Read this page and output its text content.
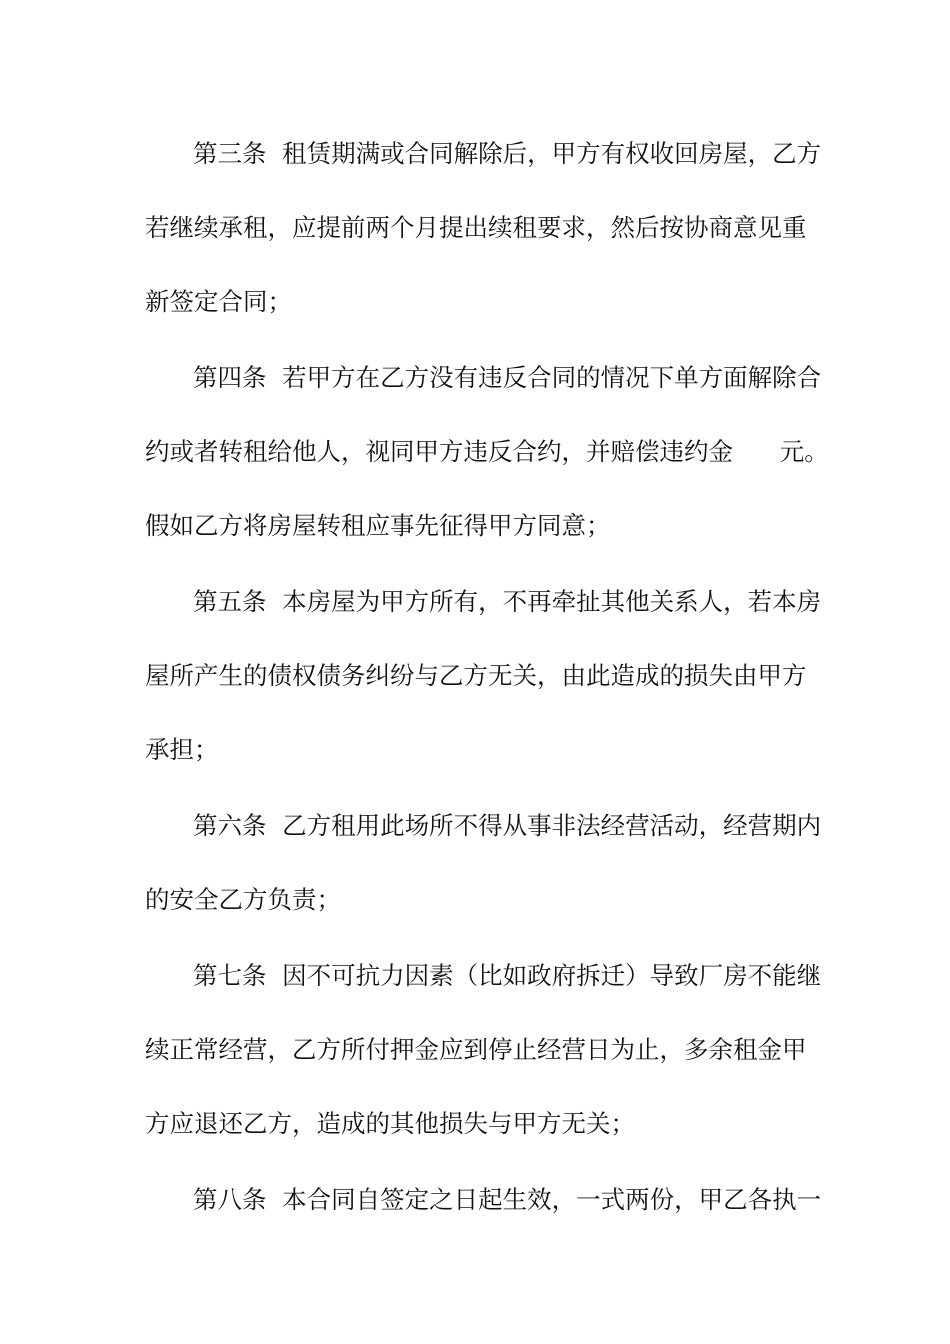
第三条  租赁期满或合同解除后，甲方有权收回房屋，乙方

若继续承租，应提前两个月提出续租要求，然后按协商意见重

新签定合同；

第四条  若甲方在乙方没有违反合同的情况下单方面解除合

约或者转租给他人，视同甲方违反合约，并赔偿违约金      元。

假如乙方将房屋转租应事先征得甲方同意；

第五条  本房屋为甲方所有，不再牵扯其他关系人，若本房

屋所产生的债权债务纠纷与乙方无关，由此造成的损失由甲方

承担；

第六条  乙方租用此场所不得从事非法经营活动，经营期内

的安全乙方负责；

第七条  因不可抗力因素（比如政府拆迁）导致厂房不能继

续正常经营，乙方所付押金应到停止经营日为止，多余租金甲

方应退还乙方，造成的其他损失与甲方无关；

第八条  本合同自签定之日起生效，一式两份，甲乙各执一
